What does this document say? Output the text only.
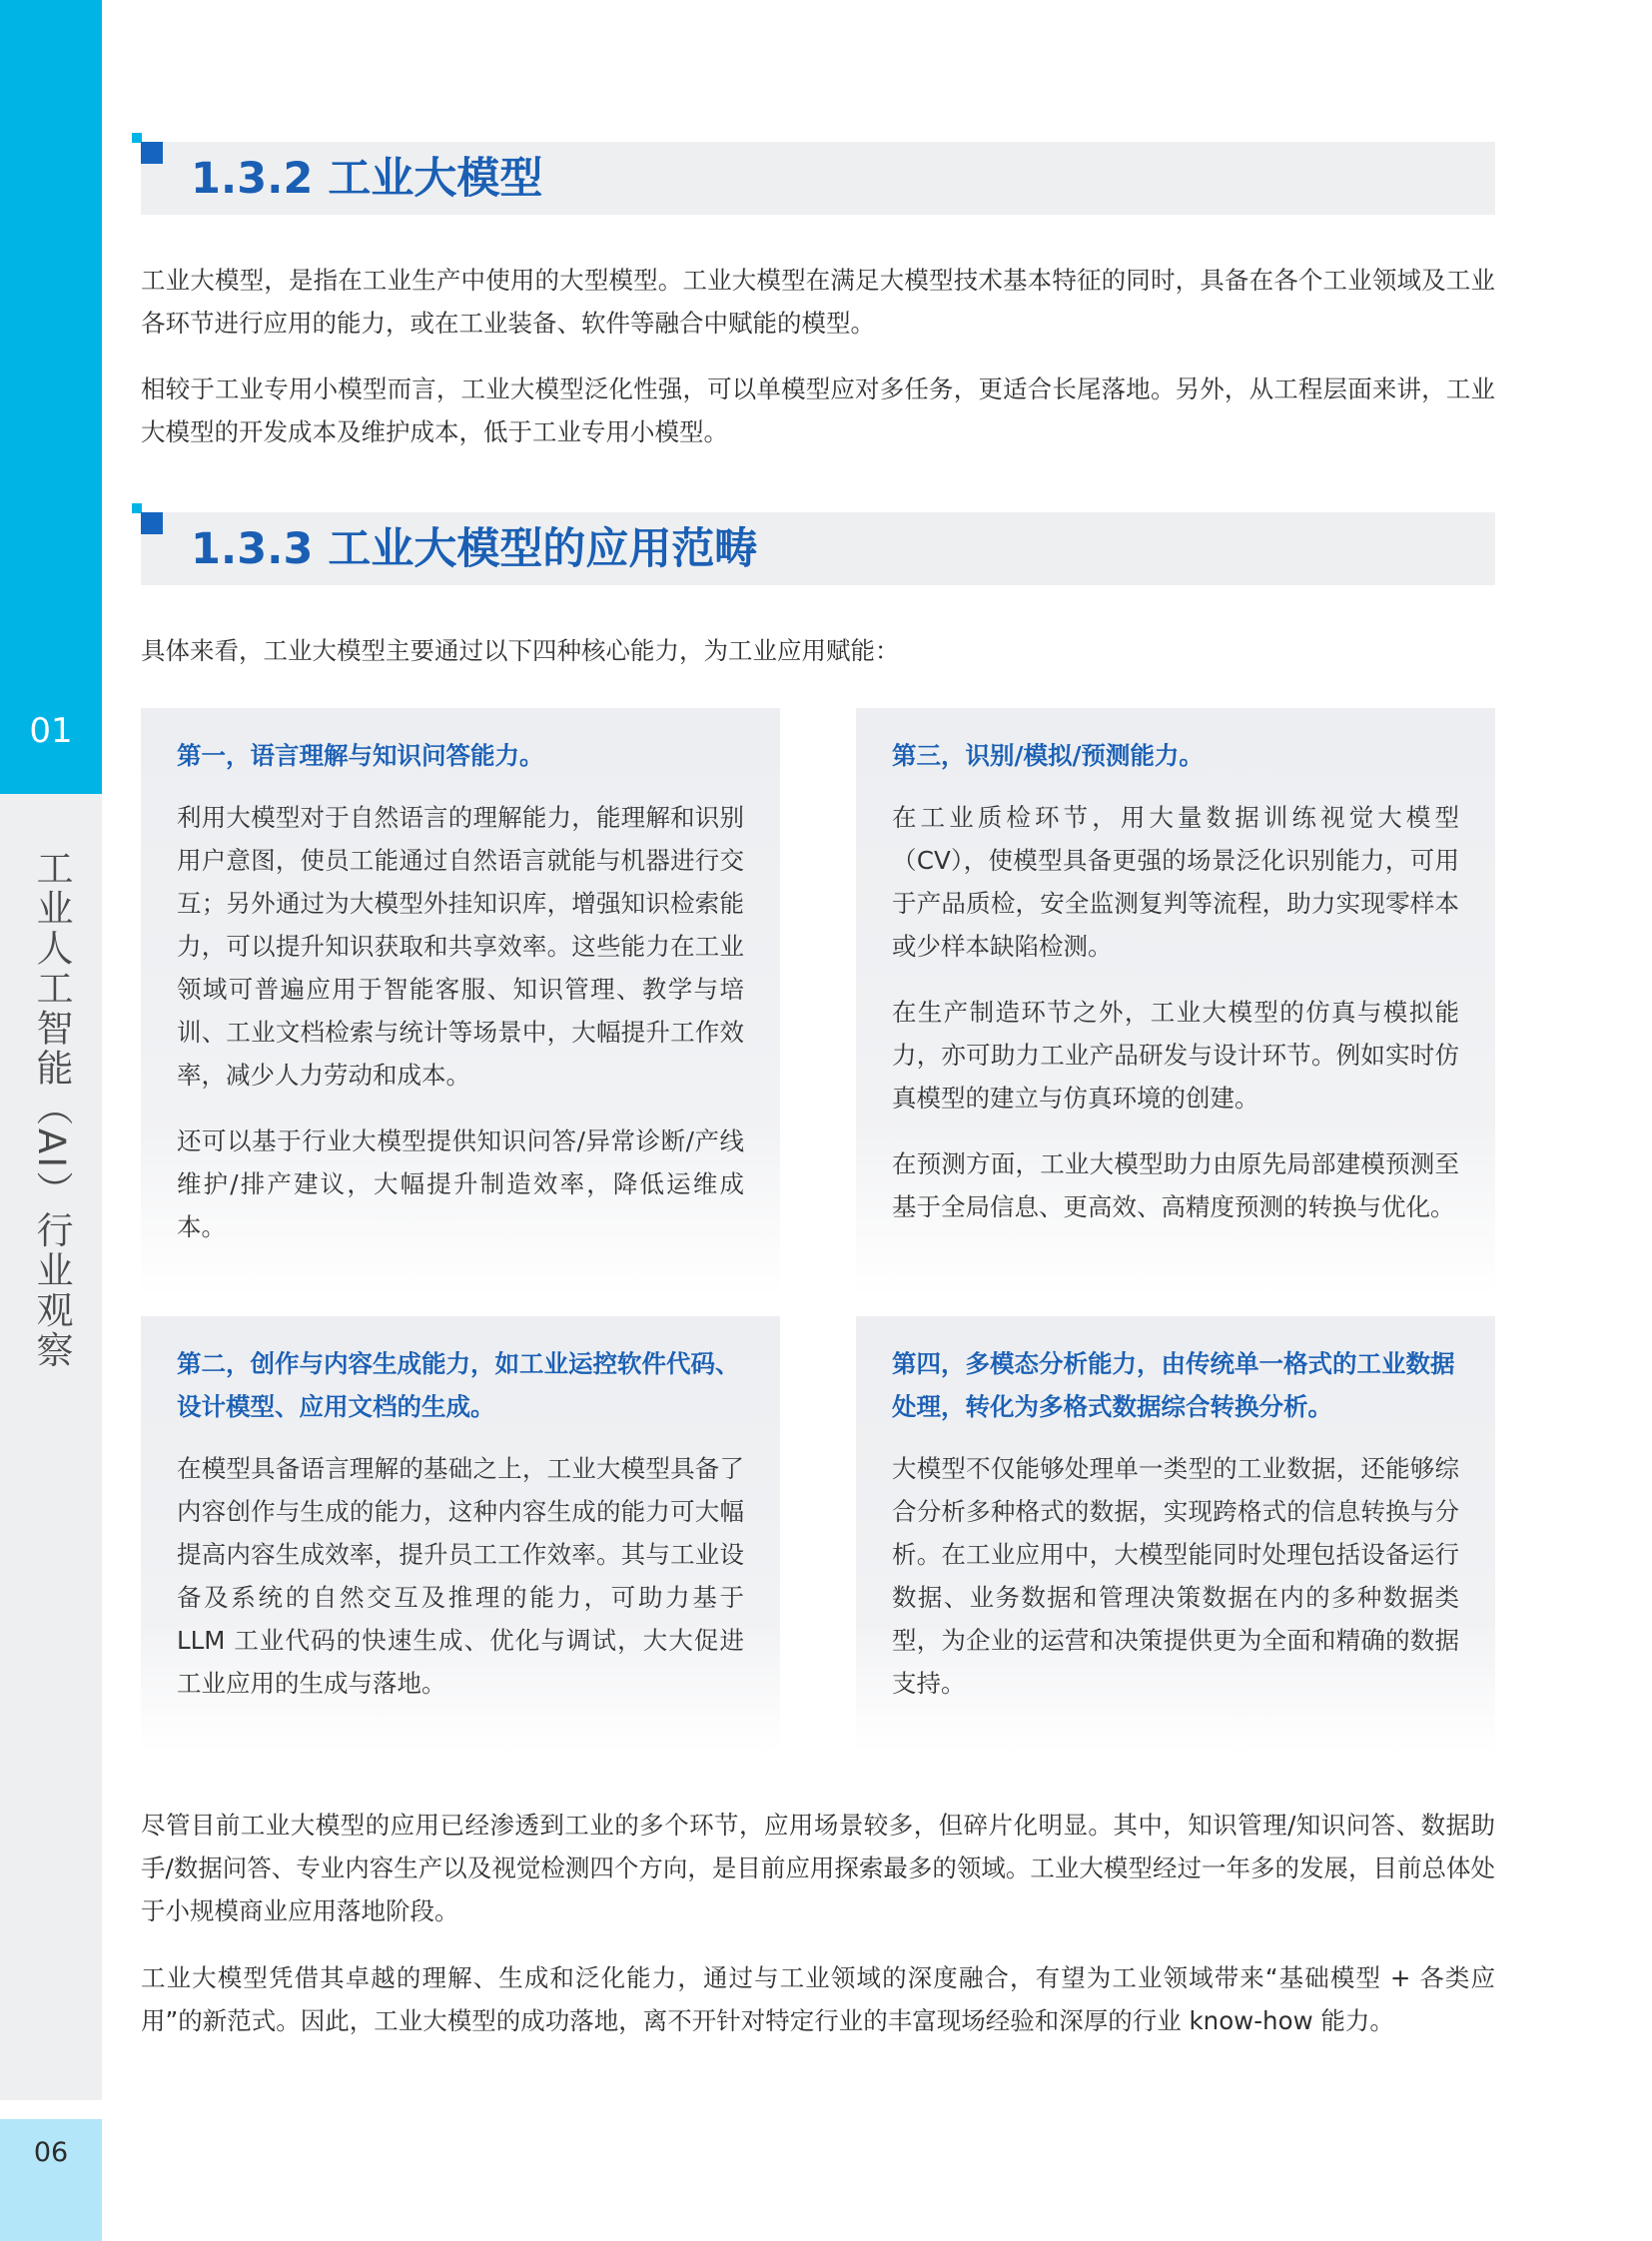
01
工业人工智能（AI）行业观察
06
1.3.2 工业大模型

工业大模型，是指在工业生产中使用的大型模型。工业大模型在满足大模型技术基本特征的同时，具备在各个工业领域及工业各环节进行应用的能力，或在工业装备、软件等融合中赋能的模型。

相较于工业专用小模型而言，工业大模型泛化性强，可以单模型应对多任务，更适合长尾落地。另外，从工程层面来讲，工业大模型的开发成本及维护成本，低于工业专用小模型。

1.3.3 工业大模型的应用范畴

具体来看，工业大模型主要通过以下四种核心能力，为工业应用赋能：

第一，语言理解与知识问答能力。

利用大模型对于自然语言的理解能力，能理解和识别用户意图，使员工能通过自然语言就能与机器进行交互；另外通过为大模型外挂知识库，增强知识检索能力，可以提升知识获取和共享效率。这些能力在工业领域可普遍应用于智能客服、知识管理、教学与培训、工业文档检索与统计等场景中，大幅提升工作效率，减少人力劳动和成本。

还可以基于行业大模型提供知识问答/异常诊断/产线维护/排产建议，大幅提升制造效率，降低运维成本。

第三，识别/模拟/预测能力。

在工业质检环节，用大量数据训练视觉大模型（CV），使模型具备更强的场景泛化识别能力，可用于产品质检，安全监测复判等流程，助力实现零样本或少样本缺陷检测。

在生产制造环节之外，工业大模型的仿真与模拟能力，亦可助力工业产品研发与设计环节。例如实时仿真模型的建立与仿真环境的创建。

在预测方面，工业大模型助力由原先局部建模预测至基于全局信息、更高效、高精度预测的转换与优化。

第二，创作与内容生成能力，如工业运控软件代码、设计模型、应用文档的生成。

在模型具备语言理解的基础之上，工业大模型具备了内容创作与生成的能力，这种内容生成的能力可大幅提高内容生成效率，提升员工工作效率。其与工业设备及系统的自然交互及推理的能力，可助力基于 LLM 工业代码的快速生成、优化与调试，大大促进工业应用的生成与落地。

第四，多模态分析能力，由传统单一格式的工业数据处理，转化为多格式数据综合转换分析。

大模型不仅能够处理单一类型的工业数据，还能够综合分析多种格式的数据，实现跨格式的信息转换与分析。在工业应用中，大模型能同时处理包括设备运行数据、业务数据和管理决策数据在内的多种数据类型，为企业的运营和决策提供更为全面和精确的数据支持。

尽管目前工业大模型的应用已经渗透到工业的多个环节，应用场景较多，但碎片化明显。其中，知识管理/知识问答、数据助手/数据问答、专业内容生产以及视觉检测四个方向，是目前应用探索最多的领域。工业大模型经过一年多的发展，目前总体处于小规模商业应用落地阶段。

工业大模型凭借其卓越的理解、生成和泛化能力，通过与工业领域的深度融合，有望为工业领域带来“基础模型 + 各类应用”的新范式。因此，工业大模型的成功落地，离不开针对特定行业的丰富现场经验和深厚的行业 know-how 能力。
